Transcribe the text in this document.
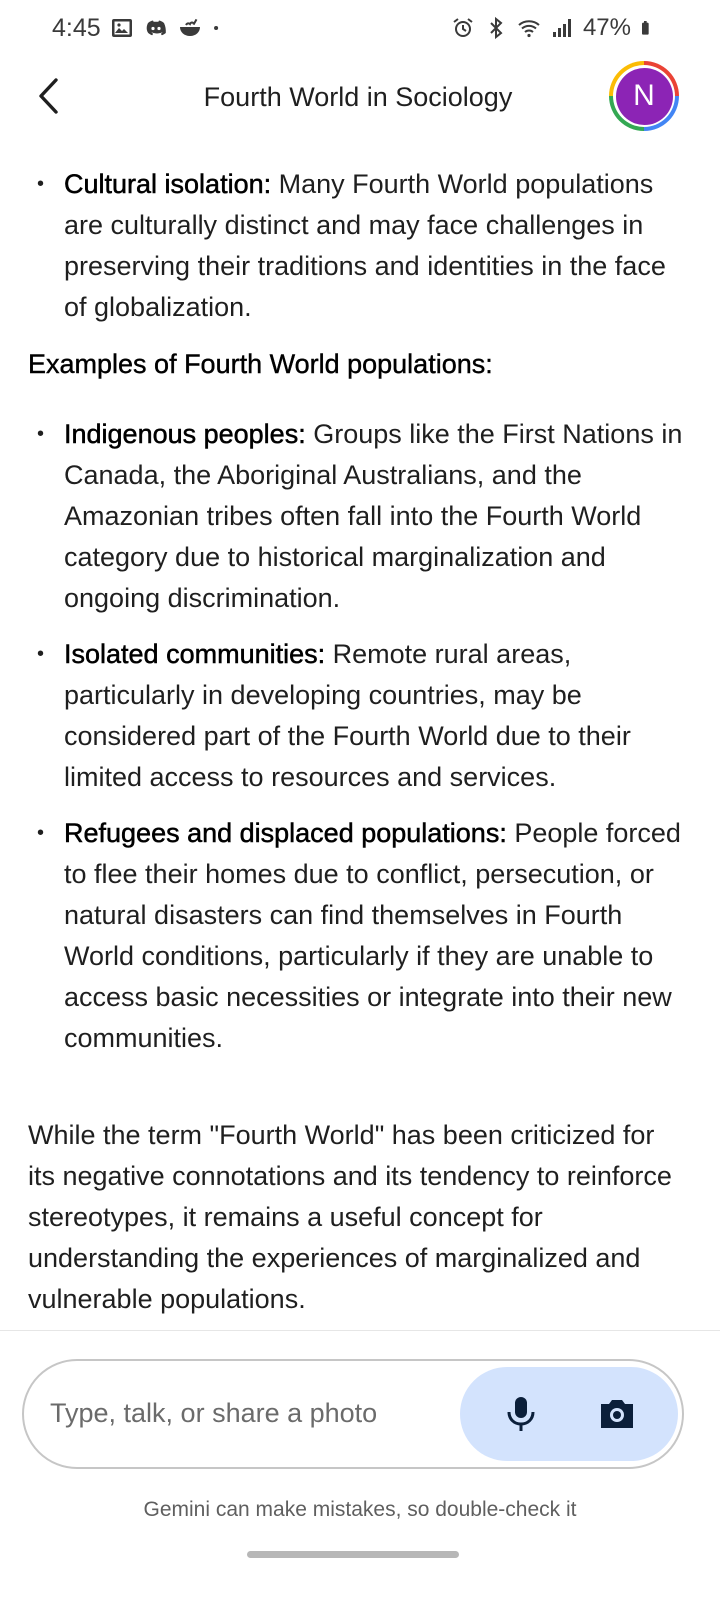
4:45	47%
Fourth World in Sociology	N
• Cultural isolation: Many Fourth World populations are culturally distinct and may face challenges in preserving their traditions and identities in the face of globalization.
Examples of Fourth World populations:
• Indigenous peoples: Groups like the First Nations in Canada, the Aboriginal Australians, and the Amazonian tribes often fall into the Fourth World category due to historical marginalization and ongoing discrimination.
• Isolated communities: Remote rural areas, particularly in developing countries, may be considered part of the Fourth World due to their limited access to resources and services.
• Refugees and displaced populations: People forced to flee their homes due to conflict, persecution, or natural disasters can find themselves in Fourth World conditions, particularly if they are unable to access basic necessities or integrate into their new communities.
While the term "Fourth World" has been criticized for its negative connotations and its tendency to reinforce stereotypes, it remains a useful concept for understanding the experiences of marginalized and vulnerable populations.
Type, talk, or share a photo
Gemini can make mistakes, so double-check it
